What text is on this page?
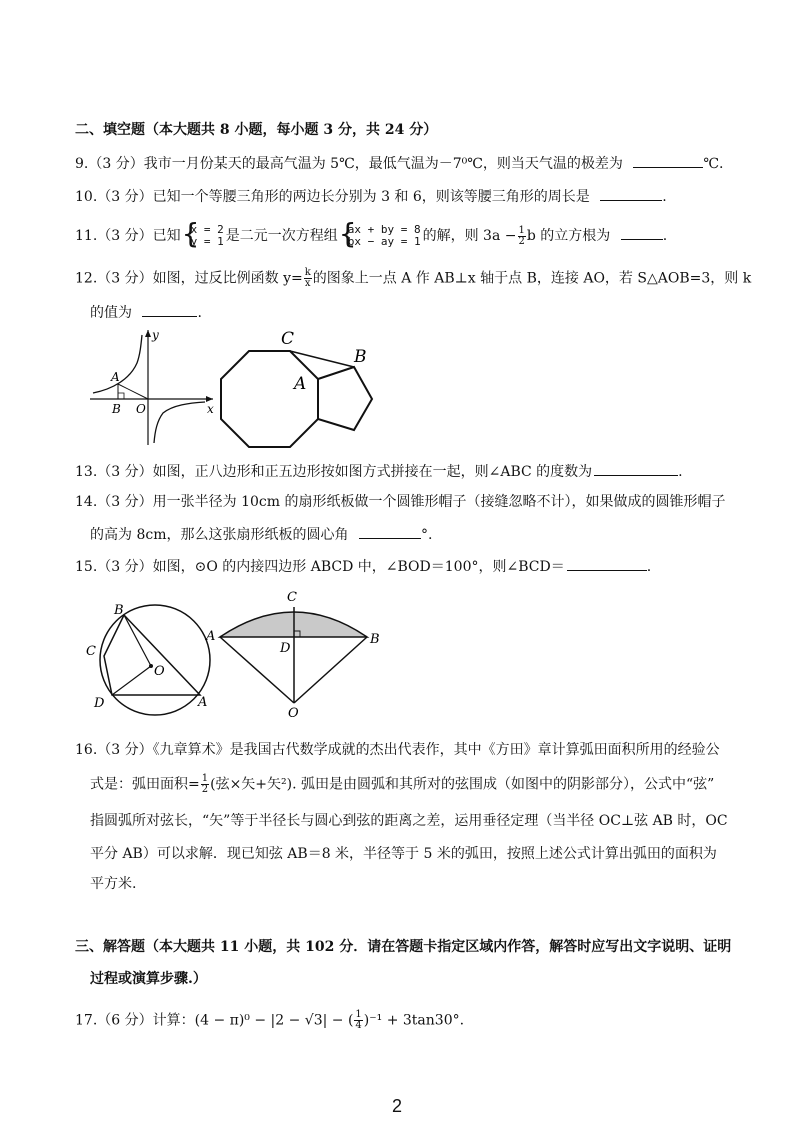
二、填空题（本大题共 8 小题，每小题 3 分，共 24 分）
9.（3 分）我市一月份某天的最高气温为 5℃，最低气温为－7⁰℃，则当天气温的极差为	℃.
10.（3 分）已知一个等腰三角形的两边长分别为 3 和 6，则该等腰三角形的周长是	.
11.（3 分）已知 { x = 2
y = 1 是二元一次方程组 { ax + by = 8
bx − ay = 1 的解，则 $3a - \frac{1}{2}$ b 的立方根为	.
12.（3 分）如图，过反比例函数 $y= \frac{k}{x}$ 的图象上一点 A 作 AB⊥x 轴于点 B，连接 AO，若 S△AOB=3，则 k
的值为	.
y
x
A
B O
C
A
B
13.（3 分）如图，正八边形和正五边形按如图方式拼接在一起，则∠ABC 的度数为	.
14.（3 分）用一张半径为 10cm 的扇形纸板做一个圆锥形帽子（接缝忽略不计），如果做成的圆锥形帽子
的高为 8cm，那么这张扇形纸板的圆心角	°.
15.（3 分）如图，⊙O 的内接四边形 ABCD 中，∠BOD＝100°，则∠BCD＝	.
B
C
O
D	A
C
A
D
B
O
16.（3 分）《九章算术》是我国古代数学成就的杰出代表作，其中《方田》章计算弧田面积所用的经验公
式是：弧田面积= $\frac{1}{2}$ (弦×矢+矢²). 弧田是由圆弧和其所对的弦围成（如图中的阴影部分），公式中“弦”
指圆弧所对弦长，“矢”等于半径长与圆心到弦的距离之差，运用垂径定理（当半径 OC⊥弦 AB 时，OC
平分 AB）可以求解．现已知弦 AB＝8 米，半径等于 5 米的弧田，按照上述公式计算出弧田的面积为
平方米.
三、解答题（本大题共 11 小题，共 102 分．请在答题卡指定区域内作答，解答时应写出文字说明、证明
过程或演算步骤.）
17.（6 分）计算：(4 − π)⁰ − |2 − √3| − ( $\frac{1}{4} )^{-1} + 3\tan 30^\circ$.
2
